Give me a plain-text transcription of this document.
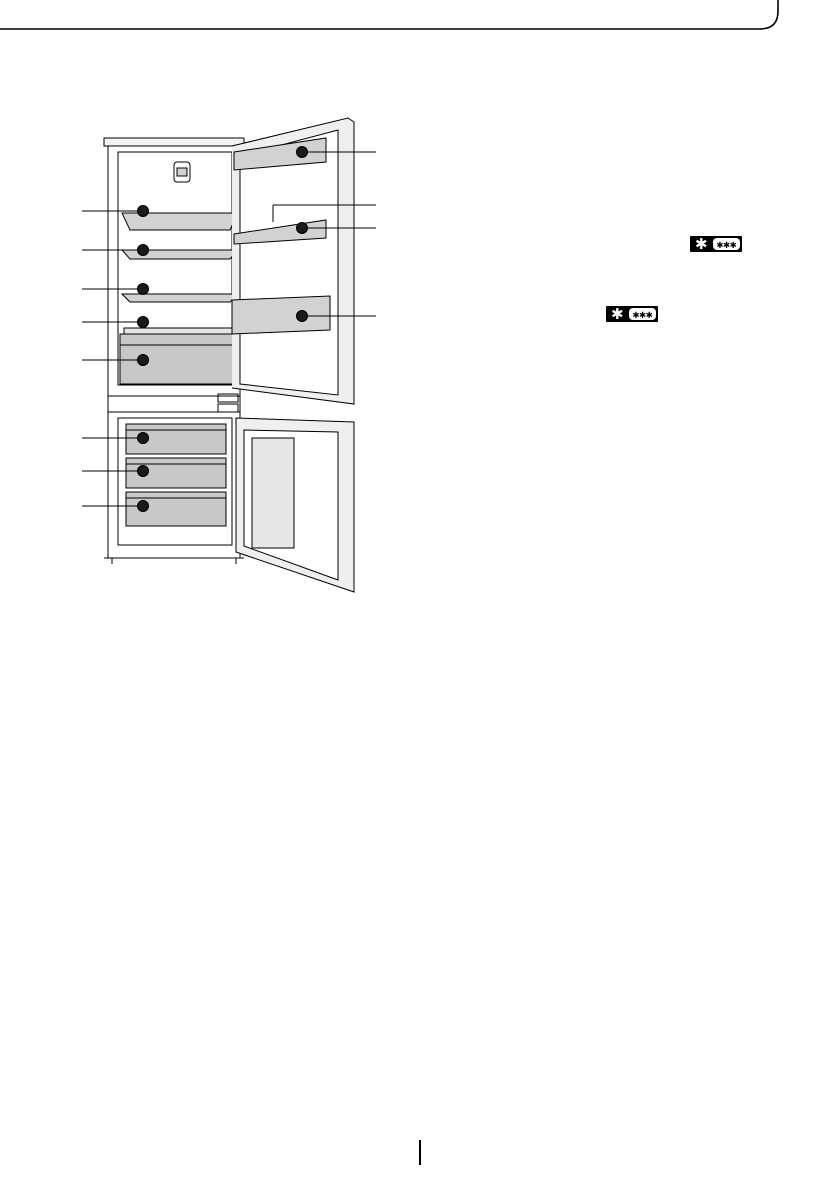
✱ ✱✱✱
✱ ✱✱✱
